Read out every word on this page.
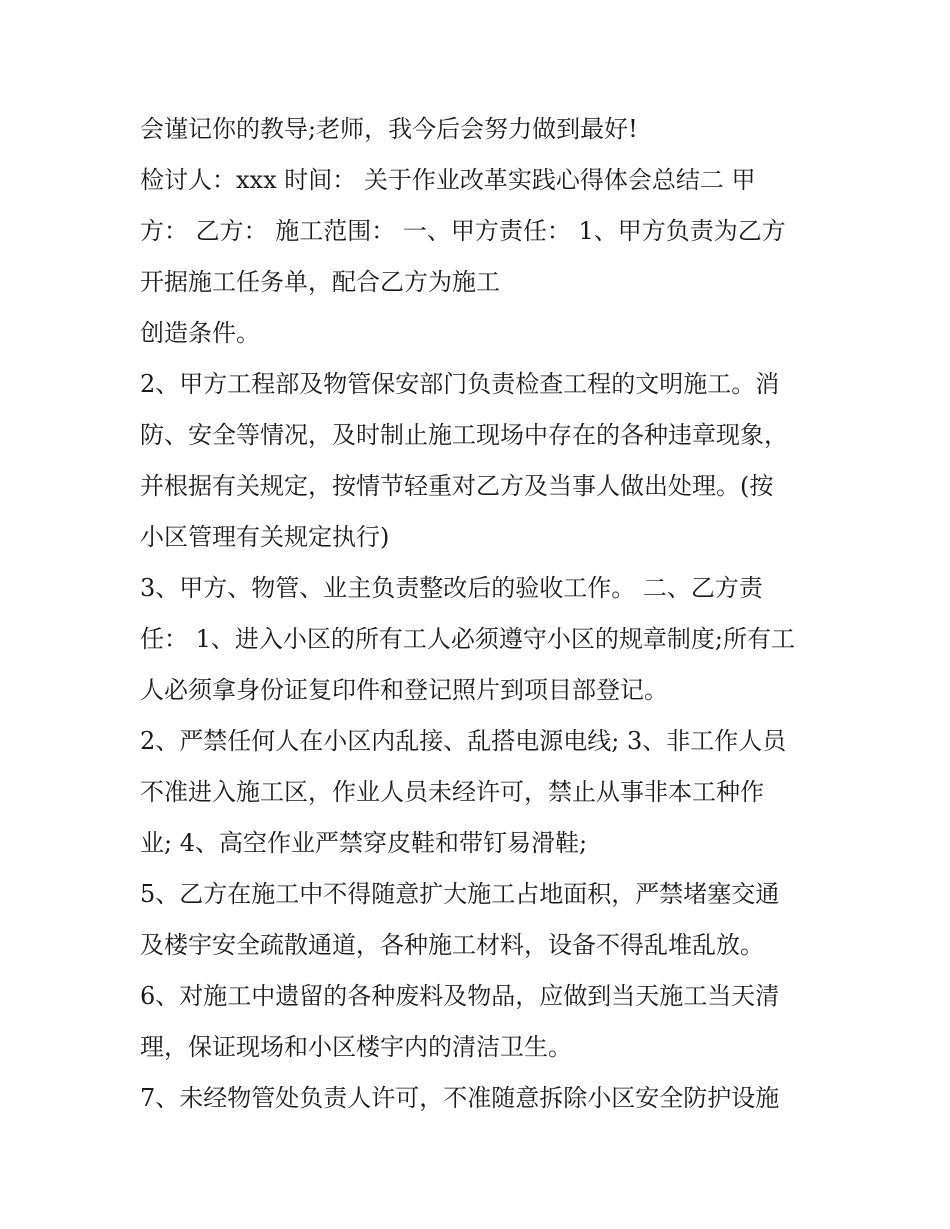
会谨记你的教导;老师，我今后会努力做到最好!
检讨人：xxx 时间： 关于作业改革实践心得体会总结二 甲
方： 乙方： 施工范围： 一、甲方责任： 1、甲方负责为乙方
开据施工任务单，配合乙方为施工
创造条件。
2、甲方工程部及物管保安部门负责检查工程的文明施工。消
防、安全等情况，及时制止施工现场中存在的各种违章现象，
并根据有关规定，按情节轻重对乙方及当事人做出处理。(按
小区管理有关规定执行)
3、甲方、物管、业主负责整改后的验收工作。 二、乙方责
任： 1、进入小区的所有工人必须遵守小区的规章制度;所有工
人必须拿身份证复印件和登记照片到项目部登记。
2、严禁任何人在小区内乱接、乱搭电源电线; 3、非工作人员
不准进入施工区，作业人员未经许可，禁止从事非本工种作
业; 4、高空作业严禁穿皮鞋和带钉易滑鞋;
5、乙方在施工中不得随意扩大施工占地面积，严禁堵塞交通
及楼宇安全疏散通道，各种施工材料，设备不得乱堆乱放。
6、对施工中遗留的各种废料及物品，应做到当天施工当天清
理，保证现场和小区楼宇内的清洁卫生。
7、未经物管处负责人许可，不准随意拆除小区安全防护设施
